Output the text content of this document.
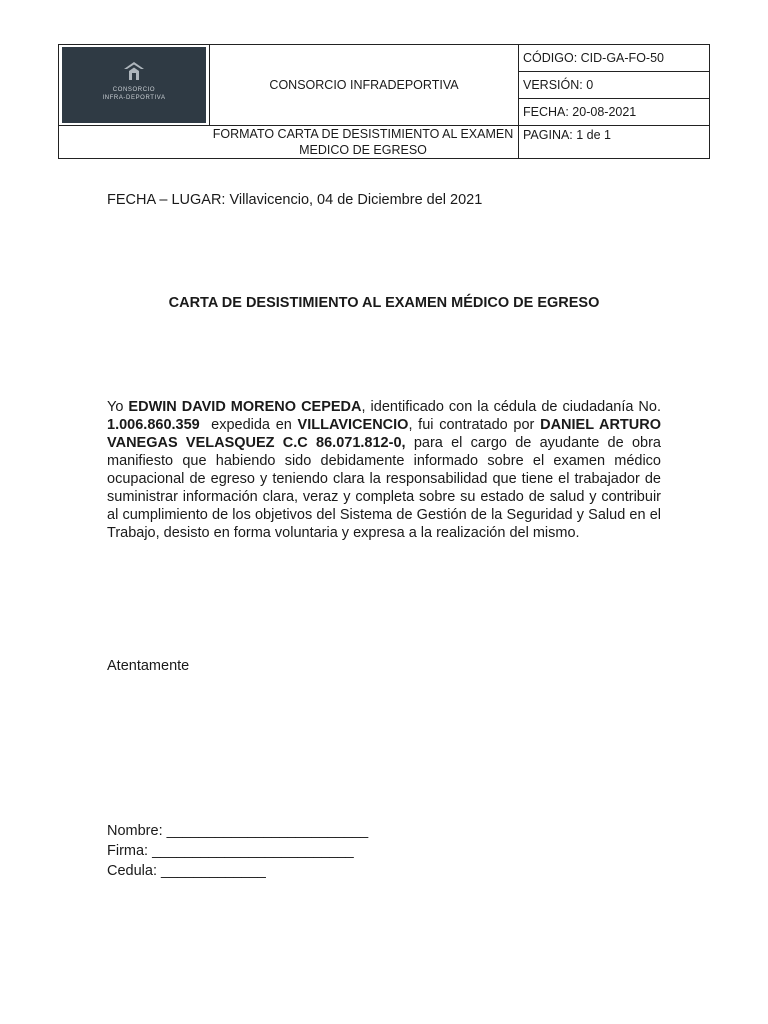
CONSORCIO
INFRA-DEPORTIVA	CONSORCIO INFRADEPORTIVA	CÓDIGO: CID-GA-FO-50
		VERSIÓN: 0
		FECHA: 20-08-2021

FORMATO CARTA DE DESISTIMIENTO AL EXAMEN MEDICO DE EGRESO		PAGINA: 1 de 1
FECHA – LUGAR: Villavicencio, 04 de Diciembre del 2021
CARTA DE DESISTIMIENTO AL EXAMEN MÉDICO DE EGRESO
Yo EDWIN DAVID MORENO CEPEDA, identificado con la cédula de ciudadanía No. 1.006.860.359  expedida en VILLAVICENCIO, fui contratado por DANIEL ARTURO VANEGAS VELASQUEZ C.C 86.071.812-0, para el cargo de ayudante de obra manifiesto que habiendo sido debidamente informado sobre el examen médico ocupacional de egreso y teniendo clara la responsabilidad que tiene el trabajador de suministrar información clara, veraz y completa sobre su estado de salud y contribuir al cumplimiento de los objetivos del Sistema de Gestión de la Seguridad y Salud en el Trabajo, desisto en forma voluntaria y expresa a la realización del mismo.
Atentamente
Nombre: _________________________
Firma: _________________________
Cedula: _____________
